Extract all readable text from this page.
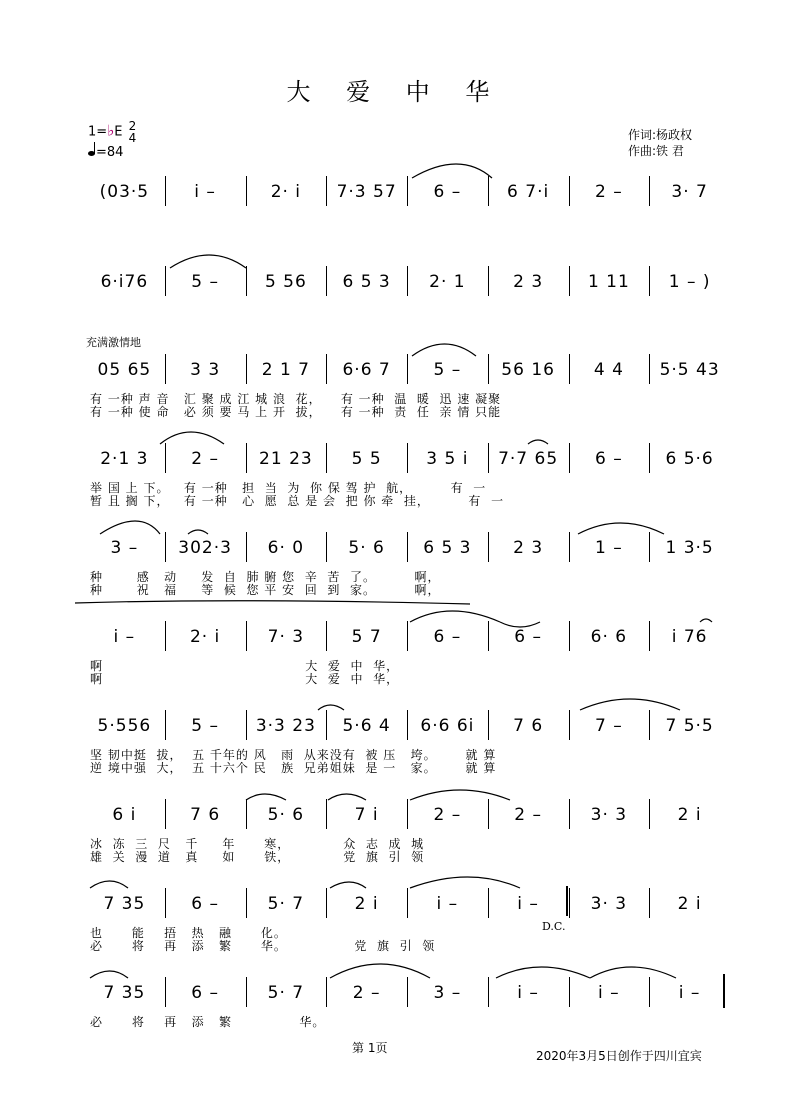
大 爱 中 华
1=♭E 2
4
=84
作词:杨政权
作曲:铁 君
充满激情地
(03·5	i –	2· i	7·3 57	6 –	6 7·i	2 –	3· 7
6·i76	5 –	5 56	6 5 3	2· 1	2 3	1 11	1 – )
05 65	3 3	2 1 7	6·6 7	5 –	56 16	4 4	5·5 43
有 一种 声 音   汇 聚 成 江 城 浪  花，    有 一种  温  暖  迅 速 凝聚
有 一种 使 命   必 须 要 马 上 开  拔，    有 一种  责  任  亲 情 只能
2·1 3	2 –	21 23	5 5	3 5 i	7·7 65	6 –	6 5·6
举 国 上 下。   有 一种   担  当  为  你 保 驾 护  航，        有  一
暂 且 搁 下，   有 一种   心  愿  总 是 会  把 你 牵  挂，        有  一
3 –	302·3	6· 0	5· 6	6 5 3	2 3	1 –	1 3·5
种       感   动     发  自  肺 腑 您  辛  苦  了。        啊，
种       祝   福     等  候  您 平 安  回  到  家。        啊，
i –	2· i	7· 3	5 7	6 –	6 –	6· 6	i 76
啊                                          大  爱  中  华，
啊                                          大  爱  中  华，
5·556	5 –	3·3 23	5·6 4	6·6 6i	7 6	7 –	7 5·5
坚 韧中挺  拔，  五 千年的 风   雨  从来没有  被 压   垮。      就 算
逆 境中强  大，  五 十六个 民   族  兄弟姐妹  是 一   家。      就 算
6 i	7 6	5· 6	7 i	2 –	2 –	3· 3	2 i
冰  冻  三  尺   千     年      寒，           众  志  成  城
雄  关  漫  道   真     如      铁，           党  旗  引  领
7 35	6 –	5· 7	2 i	i –	i –	3· 3	2 i
也      能    捂   热   融      化。
必      将    再   添   繁      华。              党  旗  引  领
D.C.
7 35	6 –	5· 7	2 –	3 –	i –	i –	i –
必      将    再   添   繁              华。
第 1页
2020年3月5日创作于四川宜宾
